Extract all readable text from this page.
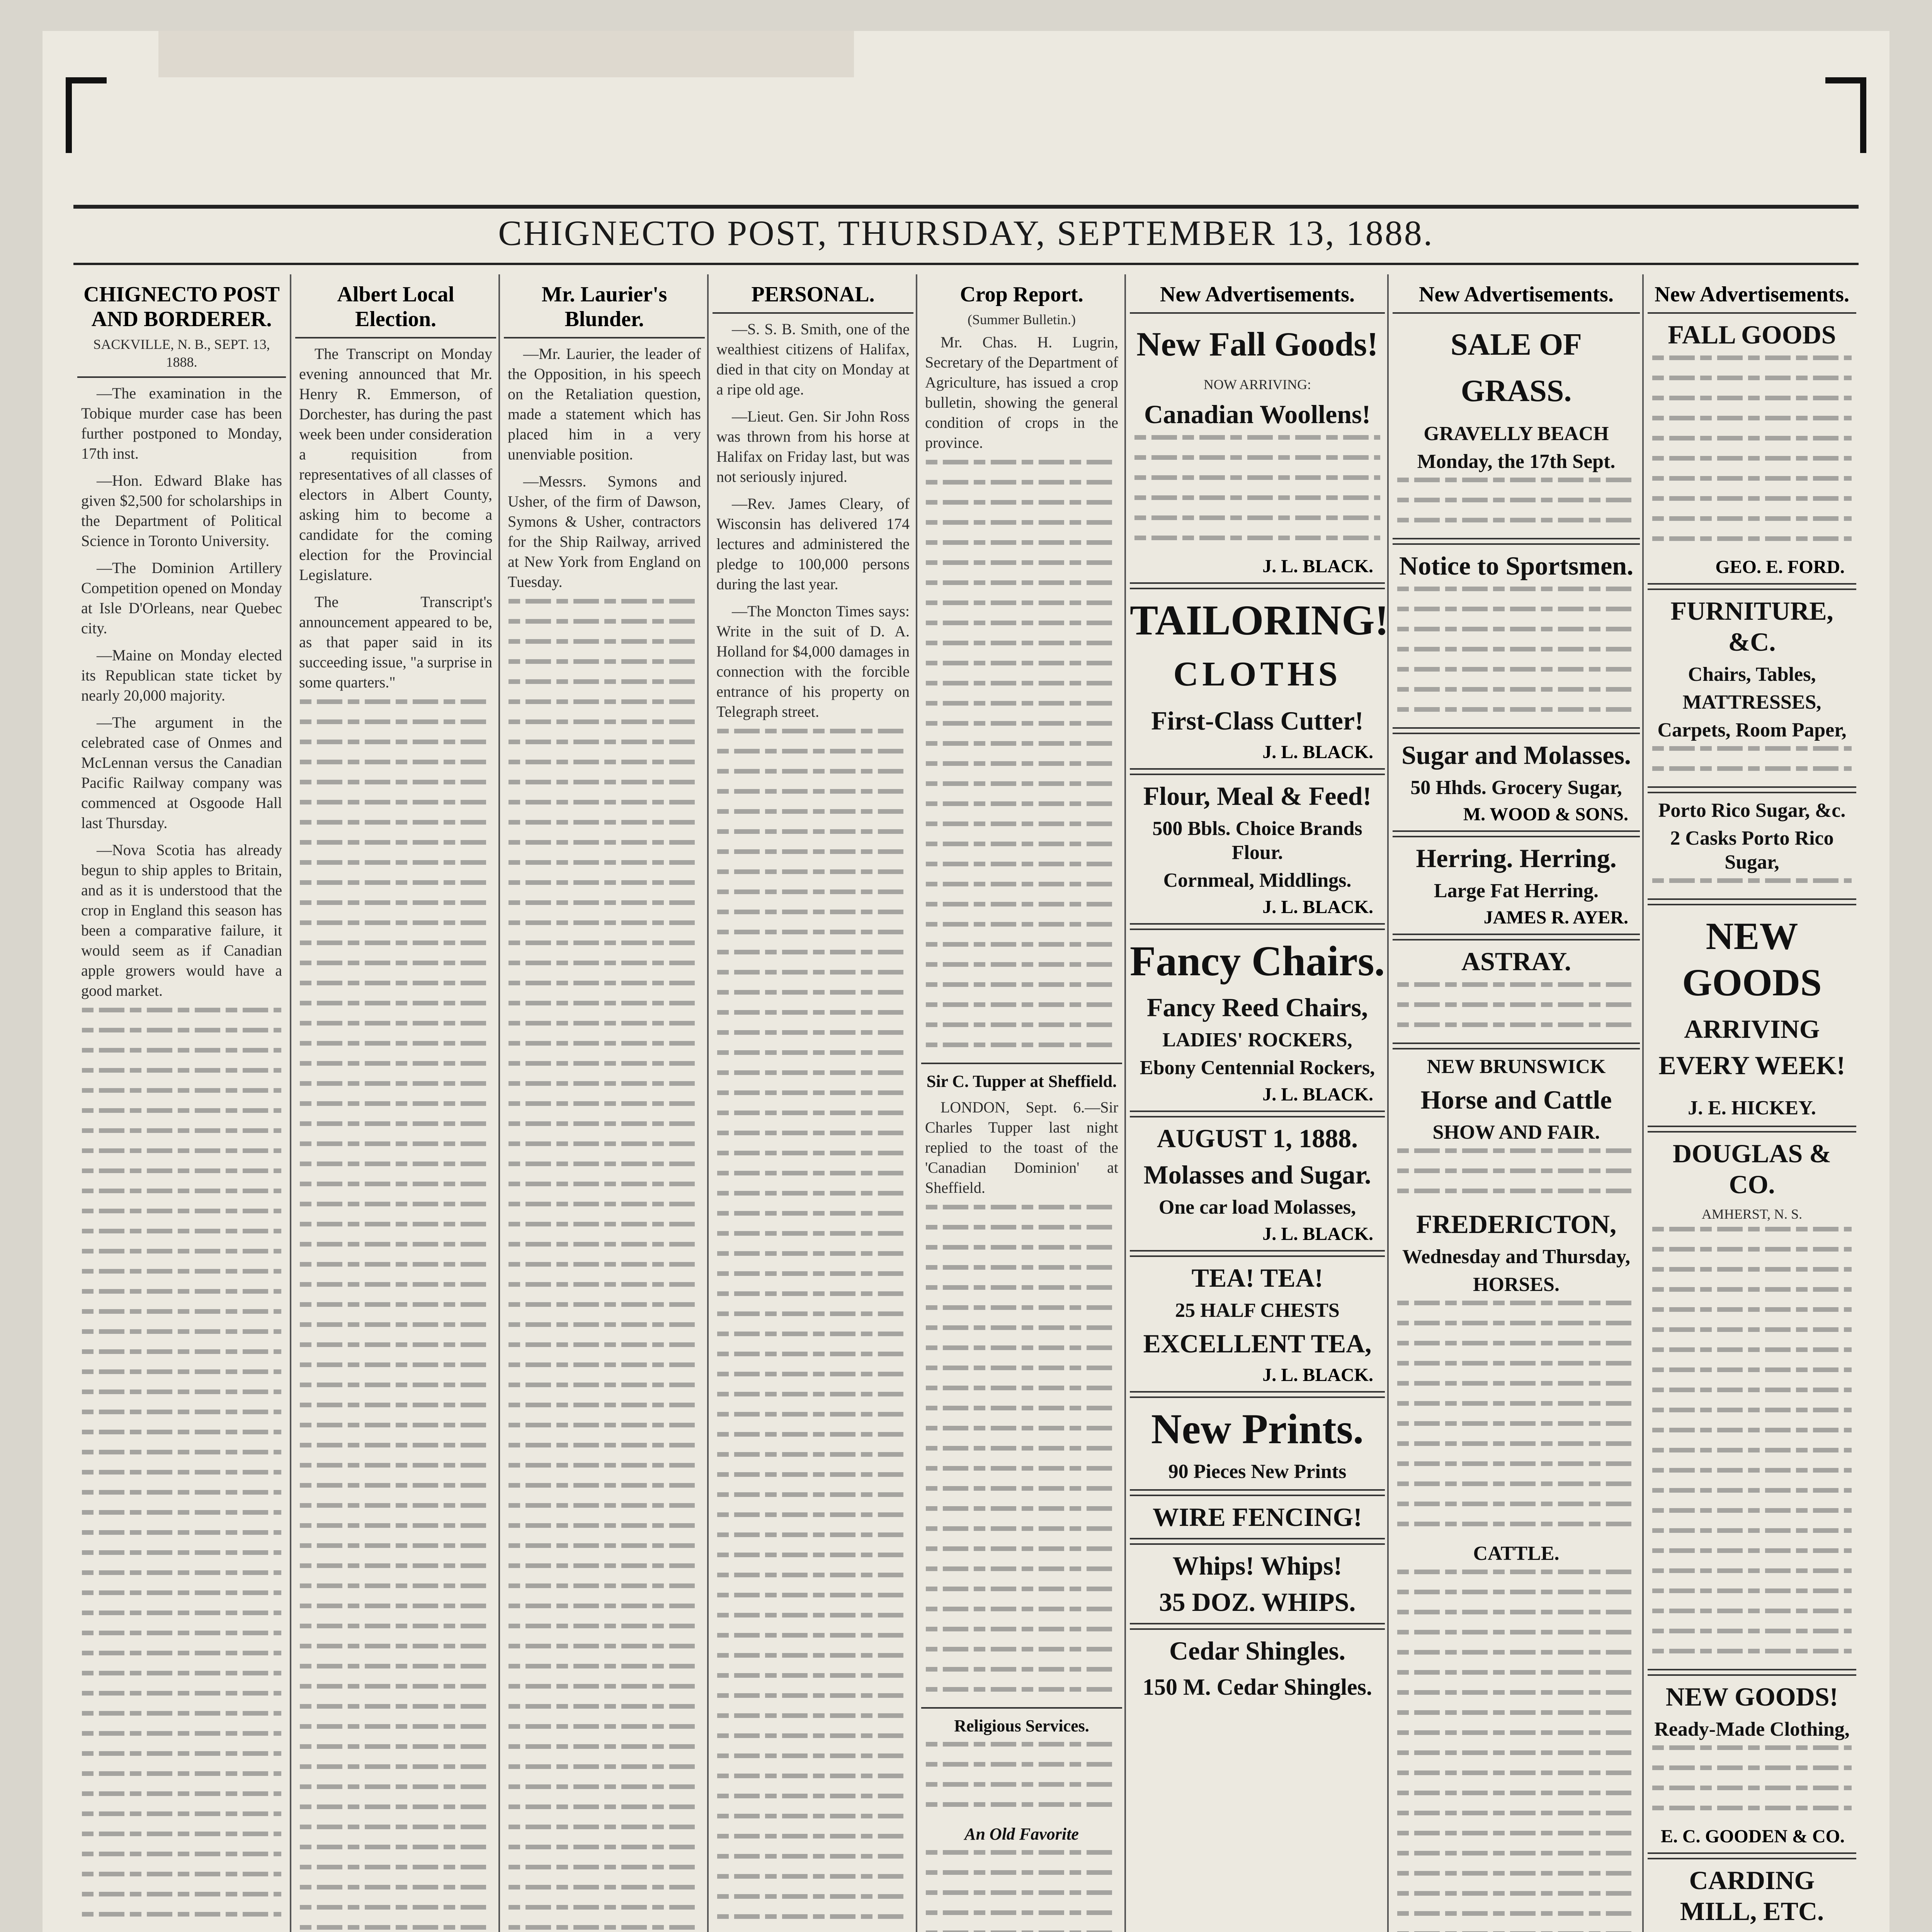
CHIGNECTO POST, THURSDAY, SEPTEMBER 13, 1888.
CHIGNECTO POST AND BORDERER.
SACKVILLE, N. B., SEPT. 13, 1888.

—The examination in the Tobique murder case has been further postponed to Monday, 17th inst.

—Hon. Edward Blake has given $2,500 for scholarships in the Department of Political Science in Toronto University.

—The Dominion Artillery Competition opened on Monday at Isle D'Orleans, near Quebec city.

—Maine on Monday elected its Republican state ticket by nearly 20,000 majority.

—The argument in the celebrated case of Onmes and McLennan versus the Canadian Pacific Railway company was commenced at Osgoode Hall last Thursday.

—Nova Scotia has already begun to ship apples to Britain, and as it is understood that the crop in England this season has been a comparative failure, it would seem as if Canadian apple growers would have a good market.

Albert Local Election.

The Transcript on Monday evening announced that Mr. Henry R. Emmerson, of Dorchester, has during the past week been under consideration a requisition from representatives of all classes of electors in Albert County, asking him to become a candidate for the coming election for the Provincial Legislature.

The Transcript's announcement appeared to be, as that paper said in its succeeding issue, "a surprise in some quarters."

Mr. Laurier's Blunder.

—Mr. Laurier, the leader of the Opposition, in his speech on the Retaliation question, made a statement which has placed him in a very unenviable position.

—Messrs. Symons and Usher, of the firm of Dawson, Symons & Usher, contractors for the Ship Railway, arrived at New York from England on Tuesday.

PERSONAL.

—S. S. B. Smith, one of the wealthiest citizens of Halifax, died in that city on Monday at a ripe old age.

—Lieut. Gen. Sir John Ross was thrown from his horse at Halifax on Friday last, but was not seriously injured.

—Rev. James Cleary, of Wisconsin has delivered 174 lectures and administered the pledge to 100,000 persons during the last year.

—The Moncton Times says: Write in the suit of D. A. Holland for $4,000 damages in connection with the forcible entrance of his property on Telegraph street.

Crop Report.
(Summer Bulletin.)

Mr. Chas. H. Lugrin, Secretary of the Department of Agriculture, has issued a crop bulletin, showing the general condition of crops in the province.

Sir C. Tupper at Sheffield.

LONDON, Sept. 6.—Sir Charles Tupper last night replied to the toast of the 'Canadian Dominion' at Sheffield.

Religious Services.
An Old Favorite
New Advertisements.
New Fall Goods!
NOW ARRIVING:
Canadian Woollens!
J. L. BLACK.
TAILORING!
CLOTHS
First-Class Cutter!
J. L. BLACK.
Flour, Meal & Feed!
500 Bbls. Choice Brands Flour.
Cornmeal, Middlings.
J. L. BLACK.
Fancy Chairs.
Fancy Reed Chairs,
LADIES' ROCKERS,
Ebony Centennial Rockers,
J. L. BLACK.
AUGUST 1, 1888.
Molasses and Sugar.
One car load Molasses,
J. L. BLACK.
TEA! TEA!
25 HALF CHESTS
EXCELLENT TEA,
J. L. BLACK.
New Prints.
90 Pieces New Prints
WIRE FENCING!
Whips! Whips!
35 DOZ. WHIPS.
Cedar Shingles.
150 M. Cedar Shingles.
New Advertisements.
SALE OF GRASS.
GRAVELLY BEACH
Monday, the 17th Sept.
Notice to Sportsmen.
Sugar and Molasses.
50 Hhds. Grocery Sugar,
M. WOOD & SONS.
Herring. Herring.
Large Fat Herring.
JAMES R. AYER.
ASTRAY.
NEW BRUNSWICK
Horse and Cattle
SHOW AND FAIR.
FREDERICTON,
Wednesday and Thursday,
HORSES.
CATTLE.
New Advertisements.
FALL GOODS
GEO. E. FORD.
FURNITURE, &C.
Chairs, Tables,
MATTRESSES,
Carpets, Room Paper,
Porto Rico Sugar, &c.
2 Casks Porto Rico Sugar,
NEW GOODS
ARRIVING
EVERY WEEK!
J. E. HICKEY.
DOUGLAS & CO.
AMHERST, N. S.
NEW GOODS!
Ready-Made Clothing,
E. C. GOODEN & CO.
CARDING MILL, ETC.
